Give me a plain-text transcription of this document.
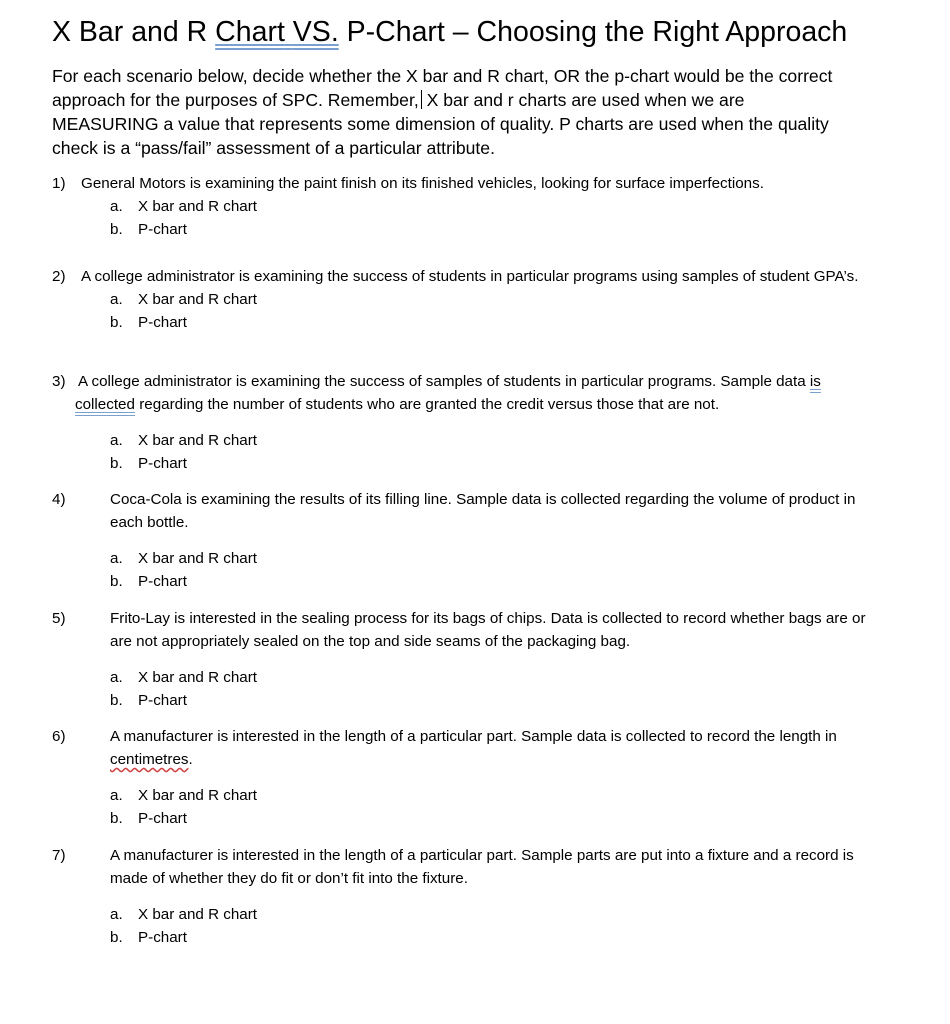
X Bar and R Chart VS. P-Chart – Choosing the Right Approach
For each scenario below, decide whether the X bar and R chart, OR the p-chart would be the correct
approach for the purposes of SPC. Remember, X bar and r charts are used when we are
MEASURING a value that represents some dimension of quality. P charts are used when the quality
check is a “pass/fail” assessment of a particular attribute.
1) General Motors is examining the paint finish on its finished vehicles, looking for surface imperfections.
a. X bar and R chart
b. P-chart
2) A college administrator is examining the success of students in particular programs using samples of student GPA’s.
a. X bar and R chart
b. P-chart
3) A college administrator is examining the success of samples of students in particular programs. Sample data is
collected regarding the number of students who are granted the credit versus those that are not.
a. X bar and R chart
b. P-chart
4)	Coca-Cola is examining the results of its filling line. Sample data is collected regarding the volume of product in
each bottle.
a. X bar and R chart
b. P-chart
5)	Frito-Lay is interested in the sealing process for its bags of chips. Data is collected to record whether bags are or
are not appropriately sealed on the top and side seams of the packaging bag.
a. X bar and R chart
b. P-chart
6)	A manufacturer is interested in the length of a particular part. Sample data is collected to record the length in
centimetres.
a. X bar and R chart
b. P-chart
7)	A manufacturer is interested in the length of a particular part. Sample parts are put into a fixture and a record is
made of whether they do fit or don’t fit into the fixture.
a. X bar and R chart
b. P-chart
